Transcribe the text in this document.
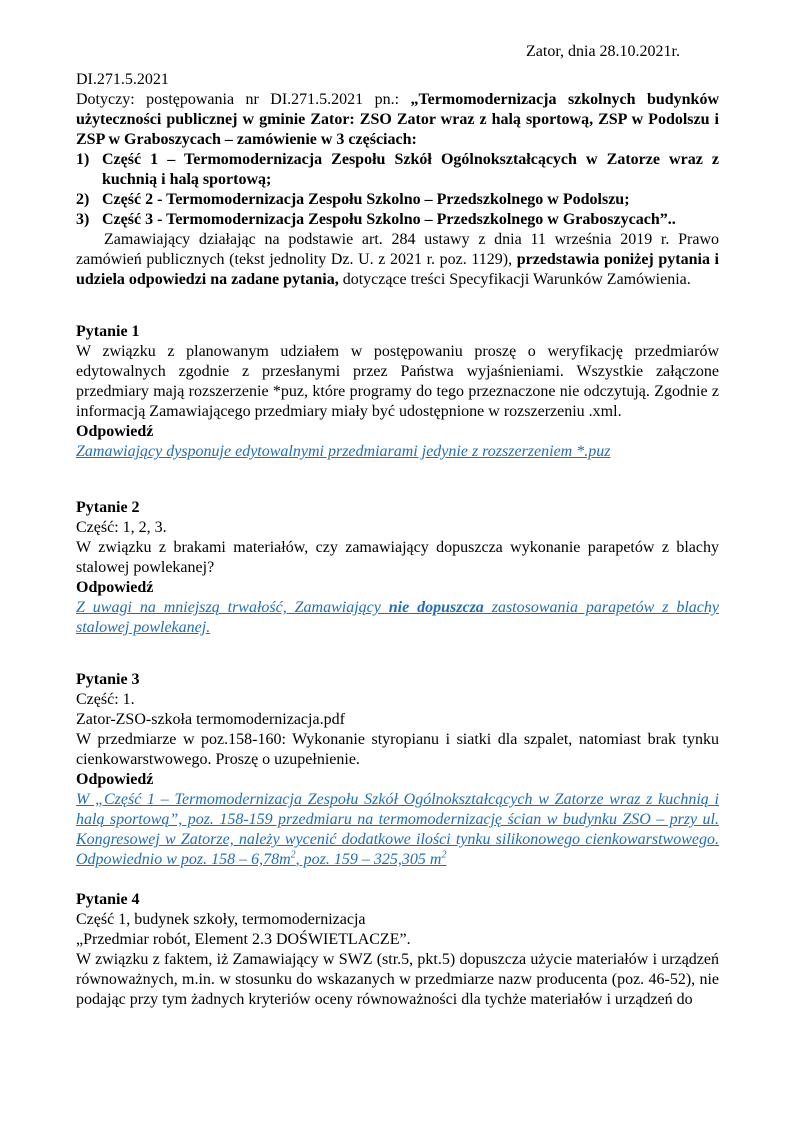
Zator, dnia 28.10.2021r.

DI.271.5.2021

Dotyczy: postępowania nr DI.271.5.2021 pn.: „Termomodernizacja szkolnych budynków użyteczności publicznej w gminie Zator: ZSO Zator wraz z halą sportową, ZSP w Podolszu i ZSP w Graboszycach – zamówienie w 3 częściach:
1) Część 1 – Termomodernizacja Zespołu Szkół Ogólnokształcących w Zatorze wraz z kuchnią i halą sportową;
2) Część 2 - Termomodernizacja Zespołu Szkolno – Przedszkolnego w Podolszu;
3) Część 3 - Termomodernizacja Zespołu Szkolno – Przedszkolnego w Graboszycach”..
Zamawiający działając na podstawie art. 284 ustawy z dnia 11 września 2019 r. Prawo zamówień publicznych (tekst jednolity Dz. U. z 2021 r. poz. 1129), przedstawia poniżej pytania i udziela odpowiedzi na zadane pytania, dotyczące treści Specyfikacji Warunków Zamówienia.

Pytanie 1

W związku z planowanym udziałem w postępowaniu proszę o weryfikację przedmiarów edytowalnych zgodnie z przesłanymi przez Państwa wyjaśnieniami. Wszystkie załączone przedmiary mają rozszerzenie *puz, które programy do tego przeznaczone nie odczytują. Zgodnie z informacją Zamawiającego przedmiary miały być udostępnione w rozszerzeniu .xml.

Odpowiedź

Zamawiający dysponuje edytowalnymi przedmiarami jedynie z rozszerzeniem *.puz

Pytanie 2

Część: 1, 2, 3.

W związku z brakami materiałów, czy zamawiający dopuszcza wykonanie parapetów z blachy stalowej powlekanej?

Odpowiedź

Z uwagi na mniejszą trwałość, Zamawiający nie dopuszcza zastosowania parapetów z blachy stalowej powlekanej.

Pytanie 3

Część: 1.

Zator-ZSO-szkoła termomodernizacja.pdf

W przedmiarze w poz.158-160: Wykonanie styropianu i siatki dla szpalet, natomiast brak tynku cienkowarstwowego. Proszę o uzupełnienie.

Odpowiedź

W „Część 1 – Termomodernizacja Zespołu Szkół Ogólnokształcących w Zatorze wraz z kuchnią i halą sportową”, poz. 158-159 przedmiaru na termomodernizację ścian w budynku ZSO – przy ul. Kongresowej w Zatorze, należy wycenić dodatkowe ilości tynku silikonowego cienkowarstwowego. Odpowiednio w poz. $158 - 6,78m^2$, poz. 159 – 325,305 $m^2$

Pytanie 4

Część 1, budynek szkoły, termomodernizacja

„Przedmiar robót, Element 2.3 DOŚWIETLACZE”.

W związku z faktem, iż Zamawiający w SWZ (str.5, pkt.5) dopuszcza użycie materiałów i urządzeń równoważnych, m.in. w stosunku do wskazanych w przedmiarze nazw producenta (poz. 46-52), nie podając przy tym żadnych kryteriów oceny równoważności dla tychże materiałów i urządzeń do
